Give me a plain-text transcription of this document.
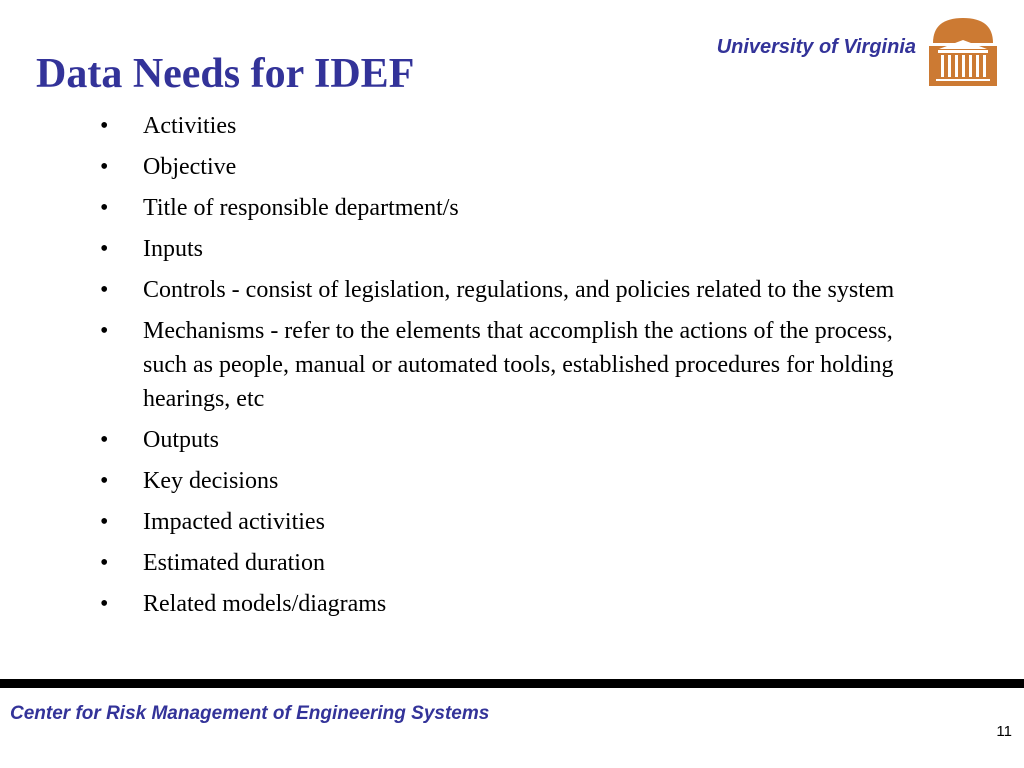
Data Needs for IDEF
University of Virginia
•	Activities
•	Objective
•	Title of responsible department/s
•	Inputs
•	Controls - consist of legislation, regulations, and policies related to the system
•	Mechanisms - refer to the elements that accomplish the actions of the process, such as people, manual or automated tools, established procedures for holding hearings, etc
•	Outputs
•	Key decisions
•	Impacted activities
•	Estimated duration
•	Related models/diagrams
Center for Risk Management of Engineering Systems
11
